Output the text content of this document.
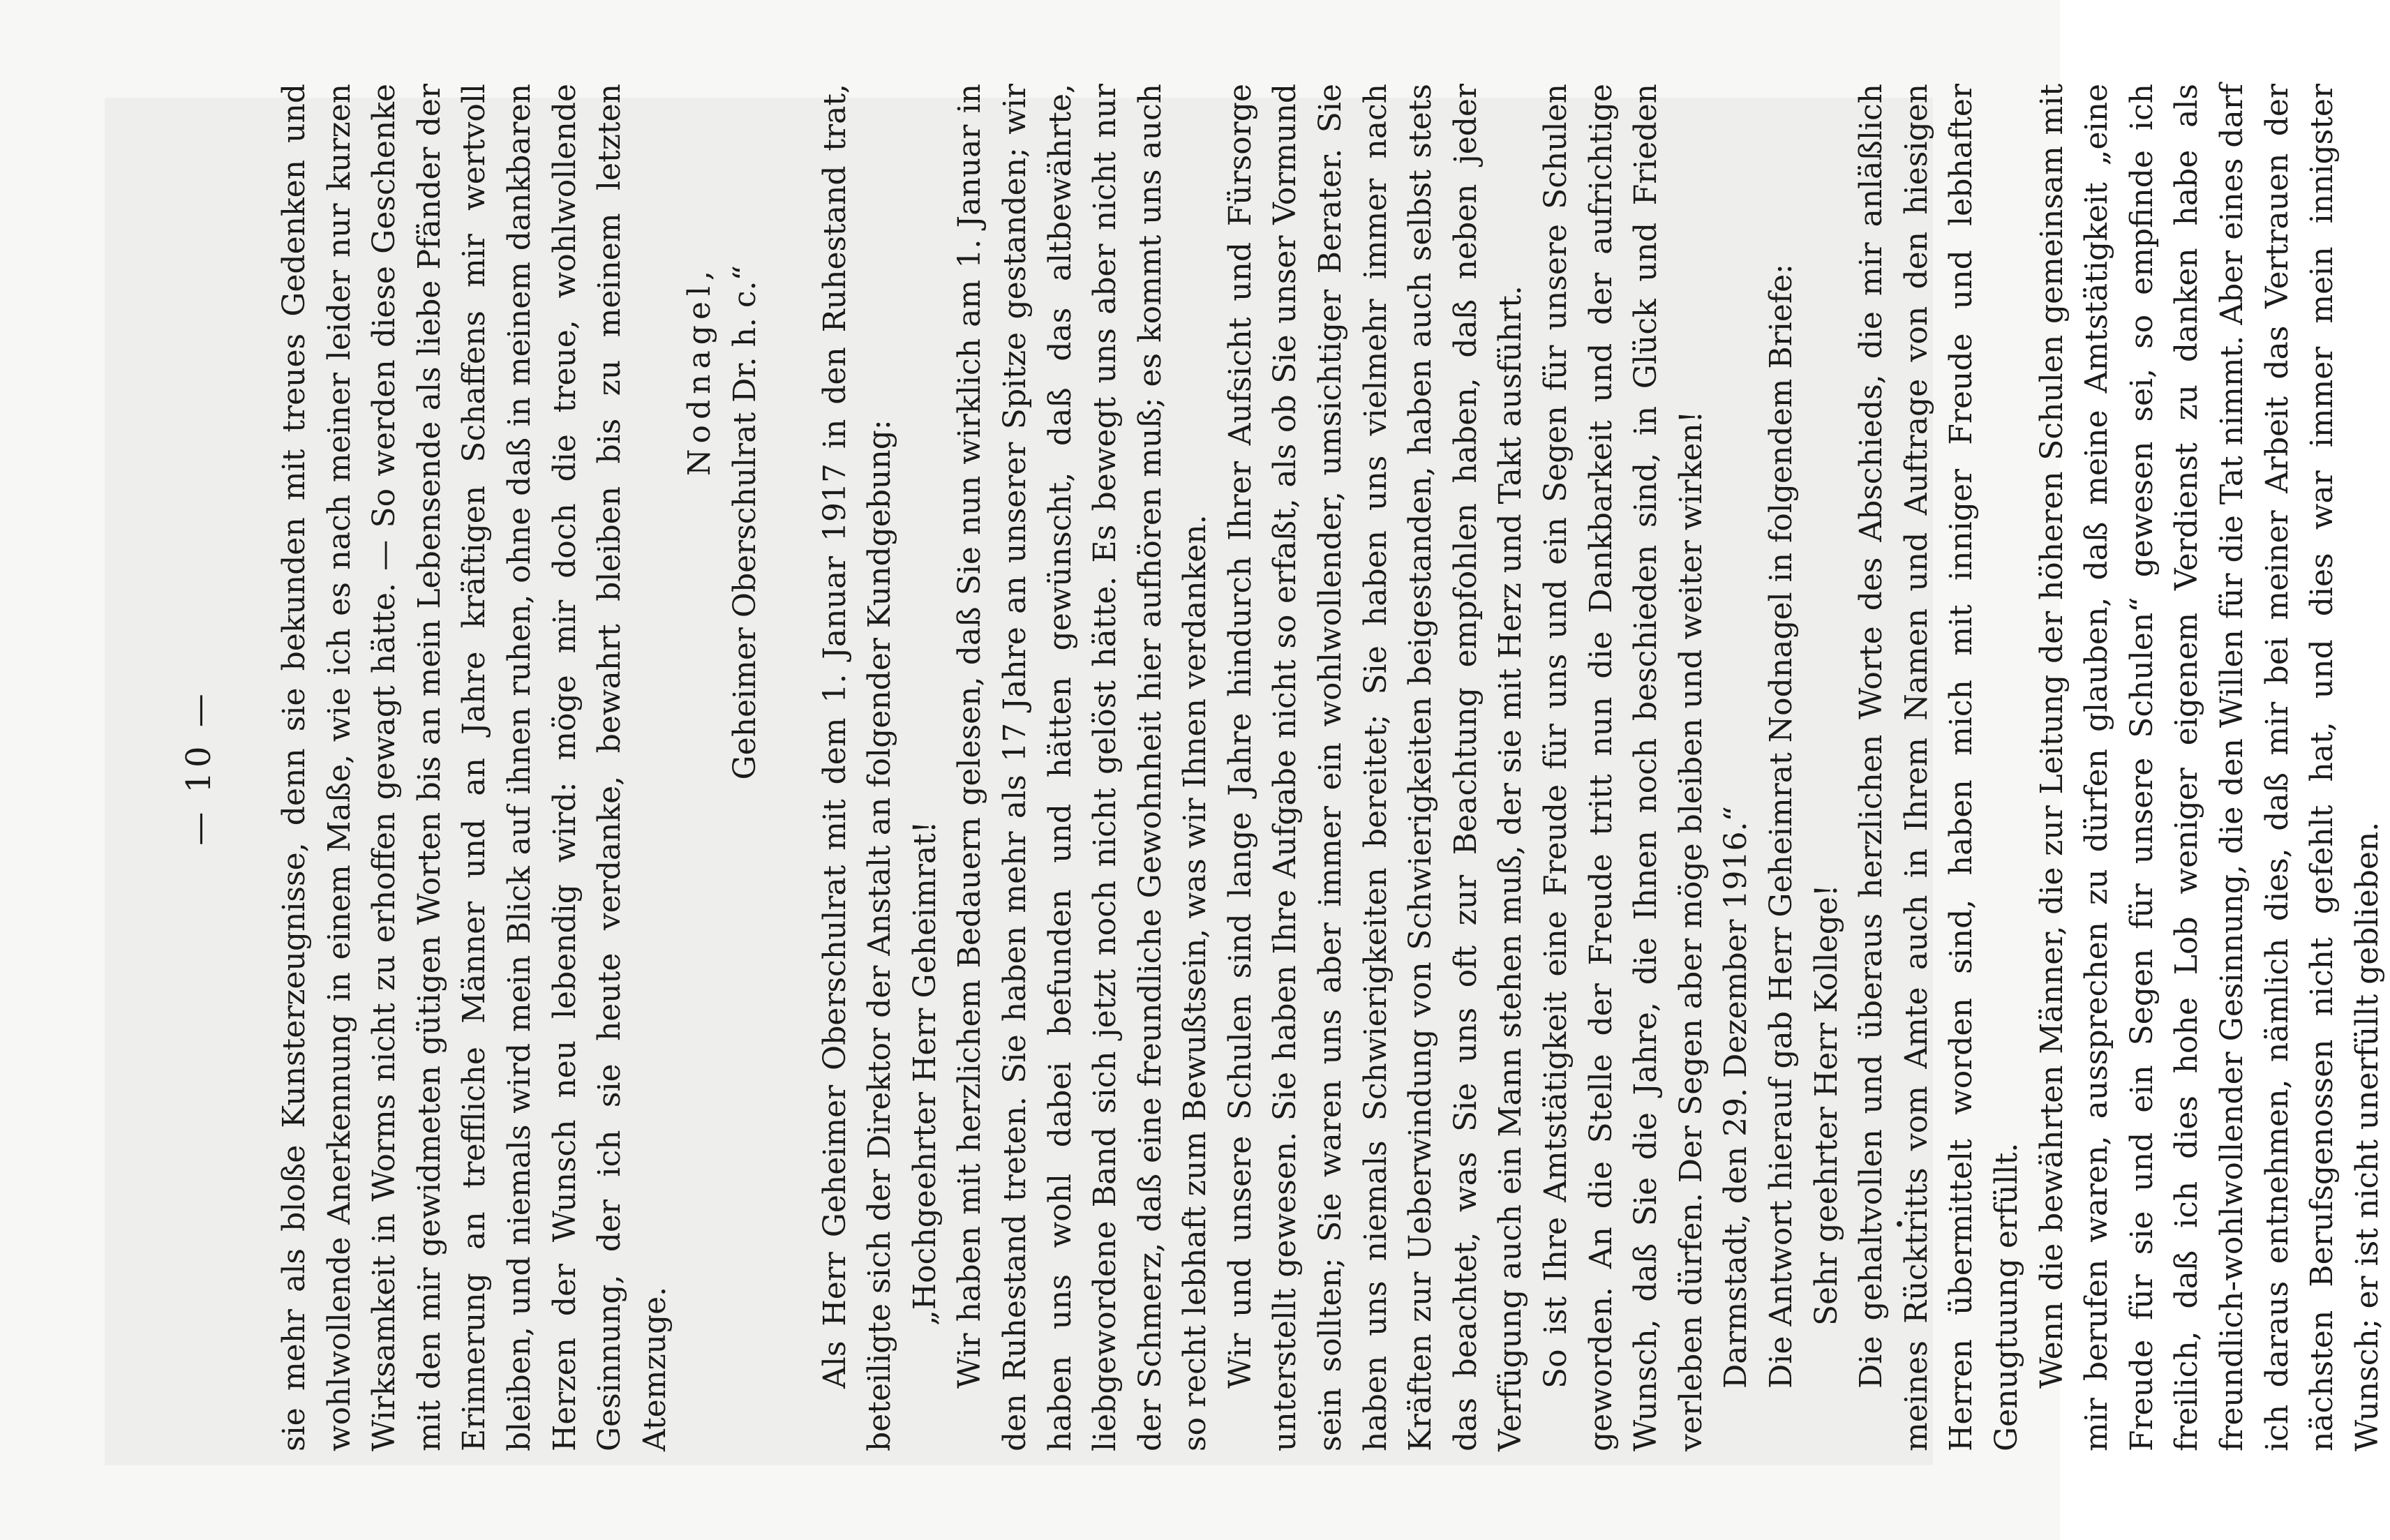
— 10 —	sie mehr als bloße Kunsterzeugnisse, denn sie bekunden mit treues Gedenken und wohlwollende Anerkennung in einem Maße, wie ich es nach meiner leider nur kurzen Wirksamkeit in Worms nicht zu erhoffen gewagt hätte. — So werden diese Geschenke mit den mir gewidmeten gütigen Worten bis an mein Lebensende als liebe Pfänder der Erinnerung an treffliche Männer und an Jahre kräftigen Schaffens mir wertvoll bleiben, und niemals wird mein Blick auf ihnen ruhen, ohne daß in meinem dankbaren Herzen der Wunsch neu lebendig wird: möge mir doch die treue, wohlwollende Gesinnung, der ich sie heute verdanke, bewahrt bleiben bis zu meinem letzten Atemzuge.

Nodnagel, Geheimer Oberschulrat Dr. h. c.“ Als Herr Geheimer Oberschulrat mit dem 1. Januar 1917 in den Ruhestand trat, beteiligte sich der Direktor der Anstalt an folgender Kundgebung: „Hochgeehrter Herr Geheimrat! Wir haben mit herzlichem Bedauern gelesen, daß Sie nun wirklich am 1. Januar in den Ruhestand treten. Sie haben mehr als 17 Jahre an unserer Spitze gestanden; wir haben uns wohl dabei befunden und hätten gewünscht, daß das altbewährte, liebgewordene Band sich jetzt noch nicht gelöst hätte. Es bewegt uns aber nicht nur der Schmerz, daß eine freundliche Gewohnheit hier aufhören muß; es kommt uns auch so recht lebhaft zum Bewußtsein, was wir Ihnen verdanken. Wir und unsere Schulen sind lange Jahre hindurch Ihrer Aufsicht und Fürsorge unterstellt gewesen. Sie haben Ihre Aufgabe nicht so erfaßt, als ob Sie unser Vormund sein sollten; Sie waren uns aber immer ein wohlwollender, umsichtiger Berater. Sie haben uns niemals Schwierigkeiten bereitet; Sie haben uns vielmehr immer nach Kräften zur Ueberwindung von Schwierigkeiten beigestanden, haben auch selbst stets das beachtet, was Sie uns oft zur Beachtung empfohlen haben, daß neben jeder Verfügung auch ein Mann stehen muß, der sie mit Herz und Takt ausführt. So ist Ihre Amtstätigkeit eine Freude für uns und ein Segen für unsere Schulen geworden. An die Stelle der Freude tritt nun die Dankbarkeit und der aufrichtige Wunsch, daß Sie die Jahre, die Ihnen noch beschieden sind, in Glück und Frieden verleben dürfen. Der Segen aber möge bleiben und weiter wirken! Darmstadt, den 29. Dezember 1916.“ Die Antwort hierauf gab Herr Geheimrat Nodnagel in folgendem Briefe: Sehr geehrter Herr Kollege! Die gehaltvollen und überaus herzlichen Worte des Abschieds, die mir anläßlich meines Rücktritts vom Amte auch in Ihrem Namen und Auftrage von den hiesigen Herren übermittelt worden sind, haben mich mit inniger Freude und lebhafter Genugtuung erfüllt. Wenn die bewährten Männer, die zur Leitung der höheren Schulen gemeinsam mit mir berufen waren, aussprechen zu dürfen glauben, daß meine Amtstätigkeit „eine Freude für sie und ein Segen für unsere Schulen“ gewesen sei, so empfinde ich freilich, daß ich dies hohe Lob weniger eigenem Verdienst zu danken habe als freundlich-wohlwollender Gesinnung, die den Willen für die Tat nimmt. Aber eines darf ich daraus entnehmen, nämlich dies, daß mir bei meiner Arbeit das Vertrauen der nächsten Berufsgenossen nicht gefehlt hat, und dies war immer mein innigster Wunsch; er ist nicht unerfüllt geblieben.
